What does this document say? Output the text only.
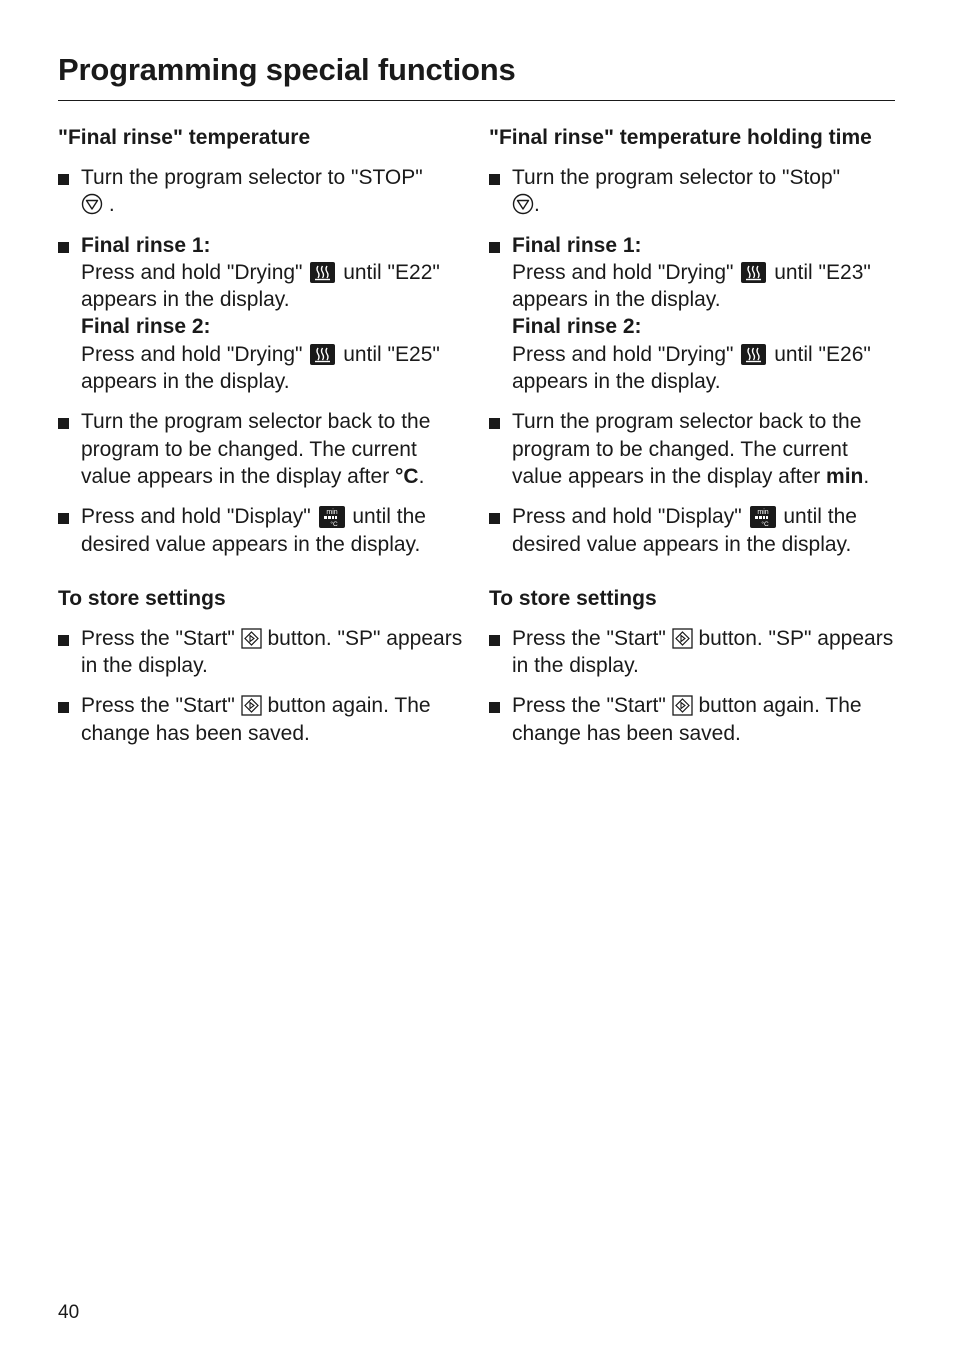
Programming special functions

"Final rinse" temperature

Turn the program selector to "STOP"
.
Final rinse 1:
Press and hold "Drying" until "E22" appears in the display.
Final rinse 2:
Press and hold "Drying" until "E25" appears in the display.
Turn the program selector back to the program to be changed. The current value appears in the display after °C.
Press and hold "Display" min
°C until the desired value appears in the display.

To store settings

Press the "Start" button. "SP" appears in the display.
Press the "Start" button again. The change has been saved.

"Final rinse" temperature holding time

Turn the program selector to "Stop"
.
Final rinse 1:
Press and hold "Drying" until "E23" appears in the display.
Final rinse 2:
Press and hold "Drying" until "E26" appears in the display.
Turn the program selector back to the program to be changed. The current value appears in the display after min.
Press and hold "Display" min
°C until the desired value appears in the display.

To store settings

Press the "Start" button. "SP" appears in the display.
Press the "Start" button again. The change has been saved.
40
